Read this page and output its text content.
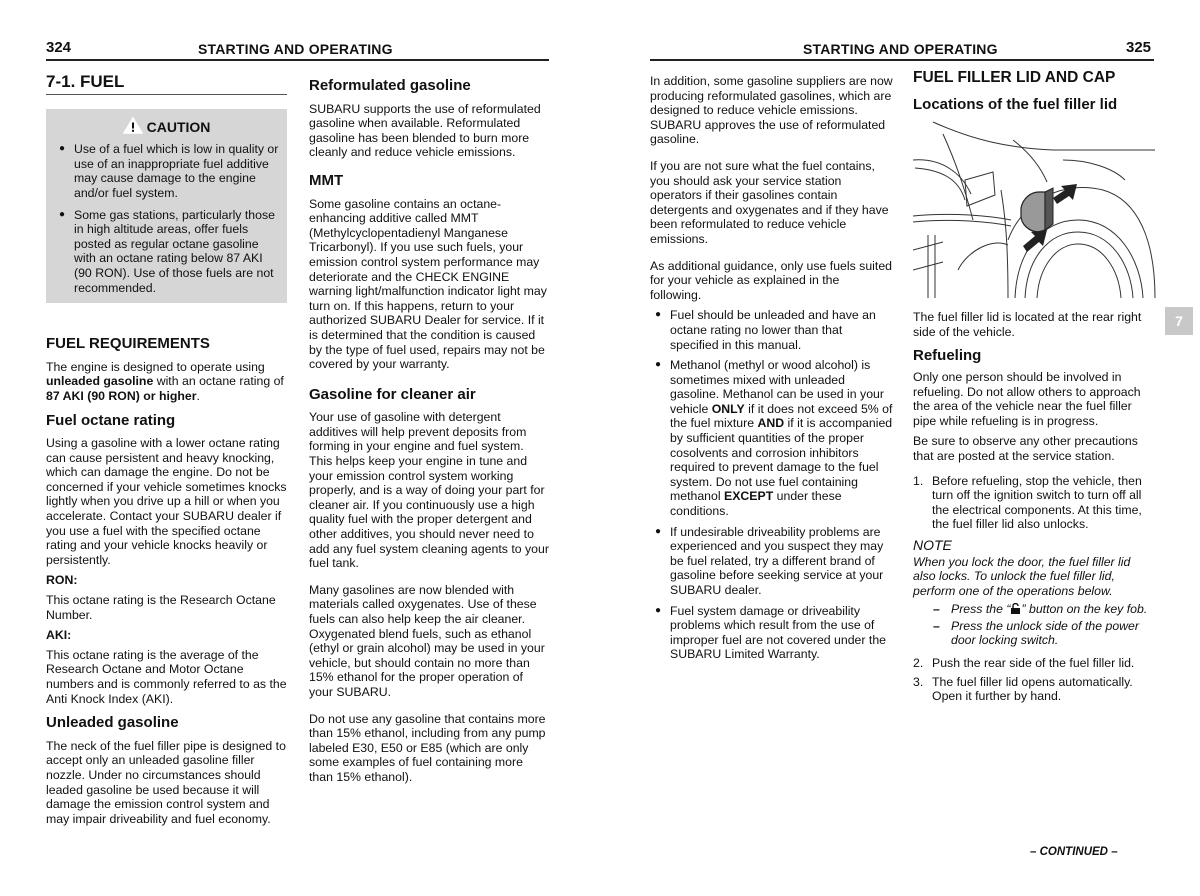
324	STARTING AND OPERATING
7-1. FUEL
CAUTION
● Use of a fuel which is low in quality or use of an inappropriate fuel additive may cause damage to the engine and/or fuel system.
● Some gas stations, particularly those in high altitude areas, offer fuels posted as regular octane gasoline with an octane rating below 87 AKI (90 RON). Use of those fuels are not recommended.
FUEL REQUIREMENTS

The engine is designed to operate using unleaded gasoline with an octane rating of 87 AKI (90 RON) or higher.

Fuel octane rating

Using a gasoline with a lower octane rating can cause persistent and heavy knocking, which can damage the engine. Do not be concerned if your vehicle sometimes knocks lightly when you drive up a hill or when you accelerate. Contact your SUBARU dealer if you use a fuel with the specified octane rating and your vehicle knocks heavily or persistently.

RON:

This octane rating is the Research Octane Number.

AKI:

This octane rating is the average of the Research Octane and Motor Octane numbers and is commonly referred to as the Anti Knock Index (AKI).

Unleaded gasoline

The neck of the fuel filler pipe is designed to accept only an unleaded gasoline filler nozzle. Under no circumstances should leaded gasoline be used because it will damage the emission control system and may impair driveability and fuel economy.

Reformulated gasoline

SUBARU supports the use of reformulated gasoline when available. Reformulated gasoline has been blended to burn more cleanly and reduce vehicle emissions.

MMT

Some gasoline contains an octane-enhancing additive called MMT (Methylcyclopentadienyl Manganese Tricarbonyl). If you use such fuels, your emission control system performance may deteriorate and the CHECK ENGINE warning light/malfunction indicator light may turn on. If this happens, return to your authorized SUBARU Dealer for service. If it is determined that the condition is caused by the type of fuel used, repairs may not be covered by your warranty.

Gasoline for cleaner air

Your use of gasoline with detergent additives will help prevent deposits from forming in your engine and fuel system. This helps keep your engine in tune and your emission control system working properly, and is a way of doing your part for cleaner air. If you continuously use a high quality fuel with the proper detergent and other additives, you should never need to add any fuel system cleaning agents to your fuel tank.

Many gasolines are now blended with materials called oxygenates. Use of these fuels can also help keep the air cleaner. Oxygenated blend fuels, such as ethanol (ethyl or grain alcohol) may be used in your vehicle, but should contain no more than 15% ethanol for the proper operation of your SUBARU.

Do not use any gasoline that contains more than 15% ethanol, including from any pump labeled E30, E50 or E85 (which are only some examples of fuel containing more than 15% ethanol).

STARTING AND OPERATING	325

In addition, some gasoline suppliers are now producing reformulated gasolines, which are designed to reduce vehicle emissions. SUBARU approves the use of reformulated gasoline.

If you are not sure what the fuel contains, you should ask your service station operators if their gasolines contain detergents and oxygenates and if they have been reformulated to reduce vehicle emissions.

As additional guidance, only use fuels suited for your vehicle as explained in the following.

● Fuel should be unleaded and have an octane rating no lower than that specified in this manual.
● Methanol (methyl or wood alcohol) is sometimes mixed with unleaded gasoline. Methanol can be used in your vehicle ONLY if it does not exceed 5% of the fuel mixture AND if it is accompanied by sufficient quantities of the proper cosolvents and corrosion inhibitors required to prevent damage to the fuel system. Do not use fuel containing methanol EXCEPT under these conditions.
● If undesirable driveability problems are experienced and you suspect they may be fuel related, try a different brand of gasoline before seeking service at your SUBARU dealer.
● Fuel system damage or driveability problems which result from the use of improper fuel are not covered under the SUBARU Limited Warranty.
FUEL FILLER LID AND CAP
Locations of the fuel filler lid

The fuel filler lid is located at the rear right side of the vehicle.

Refueling

Only one person should be involved in refueling. Do not allow others to approach the area of the vehicle near the fuel filler pipe while refueling is in progress.

Be sure to observe any other precautions that are posted at the service station.

1. Before refueling, stop the vehicle, then turn off the ignition switch to turn off all the electrical components. At this time, the fuel filler lid also unlocks.
NOTE

When you lock the door, the fuel filler lid also locks. To unlock the fuel filler lid, perform one of the operations below.

– Press the “ ” button on the key fob.
– Press the unlock side of the power door locking switch.
2. Push the rear side of the fuel filler lid.
3. The fuel filler lid opens automatically. Open it further by hand.
7
– CONTINUED –
